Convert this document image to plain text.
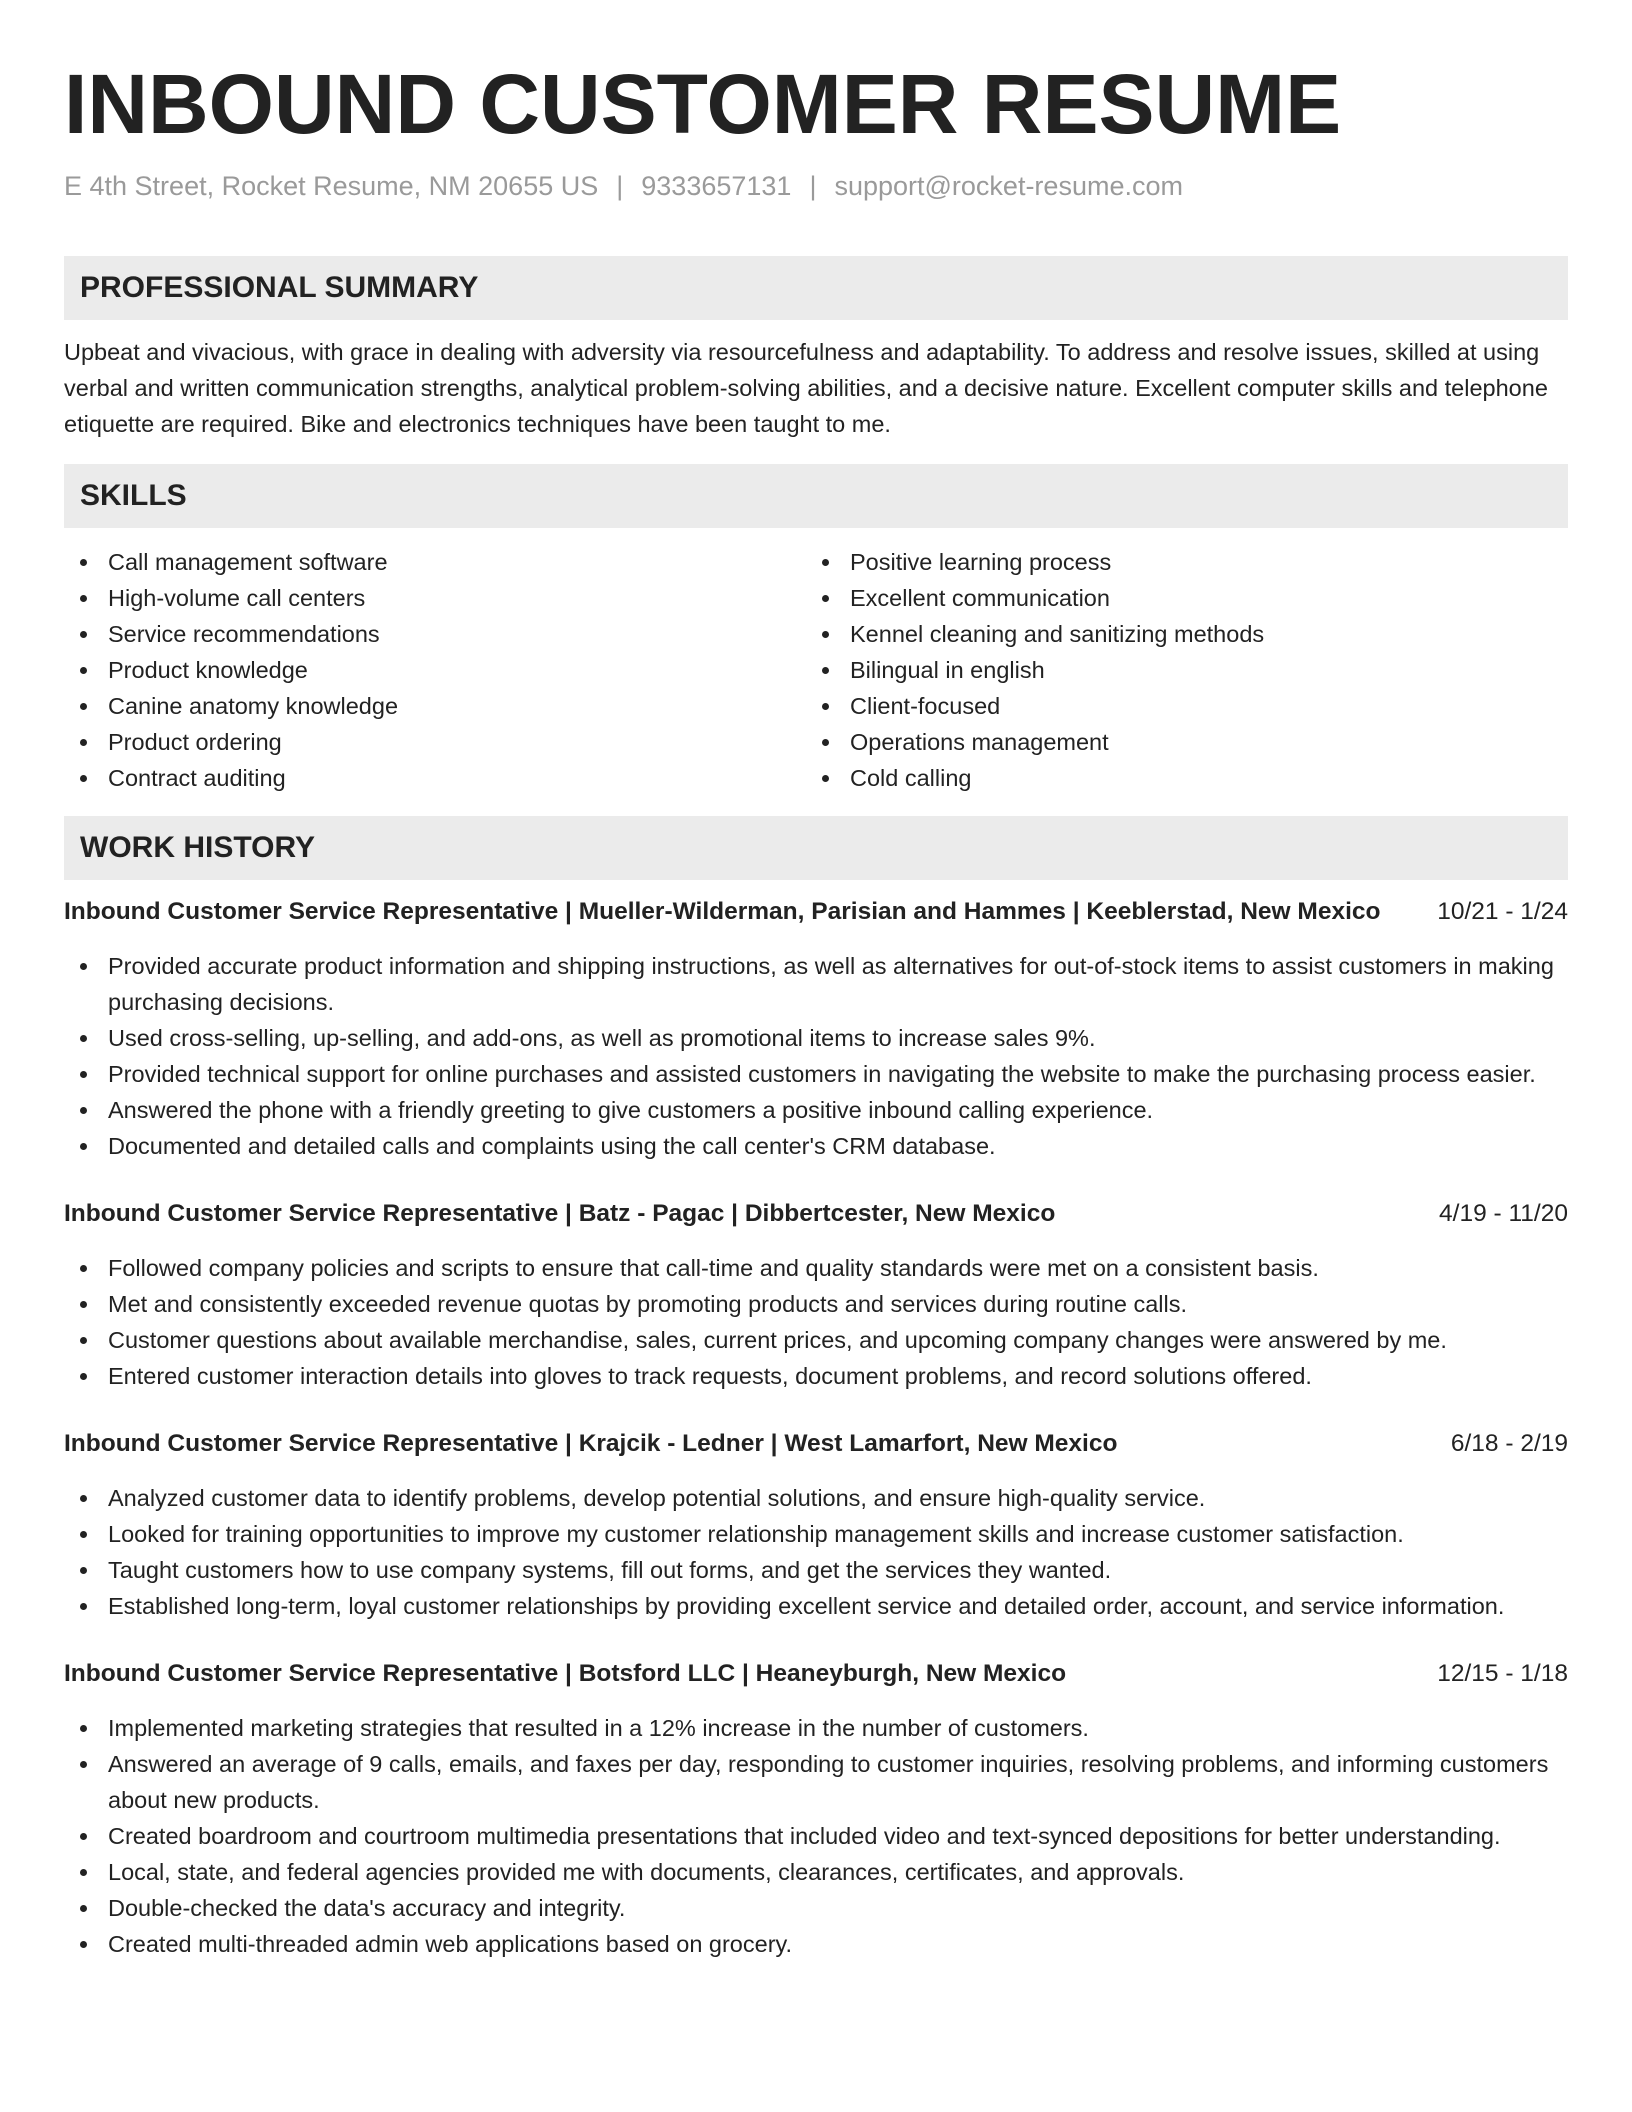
INBOUND CUSTOMER RESUME
E 4th Street, Rocket Resume, NM 20655 US | 9333657131 | support@rocket-resume.com
PROFESSIONAL SUMMARY

Upbeat and vivacious, with grace in dealing with adversity via resourcefulness and adaptability. To address and resolve issues, skilled at using verbal and written communication strengths, analytical problem-solving abilities, and a decisive nature. Excellent computer skills and telephone etiquette are required. Bike and electronics techniques have been taught to me.

SKILLS
Call management software
High-volume call centers
Service recommendations
Product knowledge
Canine anatomy knowledge
Product ordering
Contract auditing
Positive learning process
Excellent communication
Kennel cleaning and sanitizing methods
Bilingual in english
Client-focused
Operations management
Cold calling
WORK HISTORY
Inbound Customer Service Representative | Mueller-Wilderman, Parisian and Hammes | Keeblerstad, New Mexico 10/21 - 1/24
Provided accurate product information and shipping instructions, as well as alternatives for out-of-stock items to assist customers in making purchasing decisions.
Used cross-selling, up-selling, and add-ons, as well as promotional items to increase sales 9%.
Provided technical support for online purchases and assisted customers in navigating the website to make the purchasing process easier.
Answered the phone with a friendly greeting to give customers a positive inbound calling experience.
Documented and detailed calls and complaints using the call center's CRM database.
Inbound Customer Service Representative | Batz - Pagac | Dibbertcester, New Mexico	4/19 - 11/20
Followed company policies and scripts to ensure that call-time and quality standards were met on a consistent basis.
Met and consistently exceeded revenue quotas by promoting products and services during routine calls.
Customer questions about available merchandise, sales, current prices, and upcoming company changes were answered by me.
Entered customer interaction details into gloves to track requests, document problems, and record solutions offered.
Inbound Customer Service Representative | Krajcik - Ledner | West Lamarfort, New Mexico	6/18 - 2/19
Analyzed customer data to identify problems, develop potential solutions, and ensure high-quality service.
Looked for training opportunities to improve my customer relationship management skills and increase customer satisfaction.
Taught customers how to use company systems, fill out forms, and get the services they wanted.
Established long-term, loyal customer relationships by providing excellent service and detailed order, account, and service information.
Inbound Customer Service Representative | Botsford LLC | Heaneyburgh, New Mexico	12/15 - 1/18
Implemented marketing strategies that resulted in a 12% increase in the number of customers.
Answered an average of 9 calls, emails, and faxes per day, responding to customer inquiries, resolving problems, and informing customers about new products.
Created boardroom and courtroom multimedia presentations that included video and text-synced depositions for better understanding.
Local, state, and federal agencies provided me with documents, clearances, certificates, and approvals.
Double-checked the data's accuracy and integrity.
Created multi-threaded admin web applications based on grocery.
